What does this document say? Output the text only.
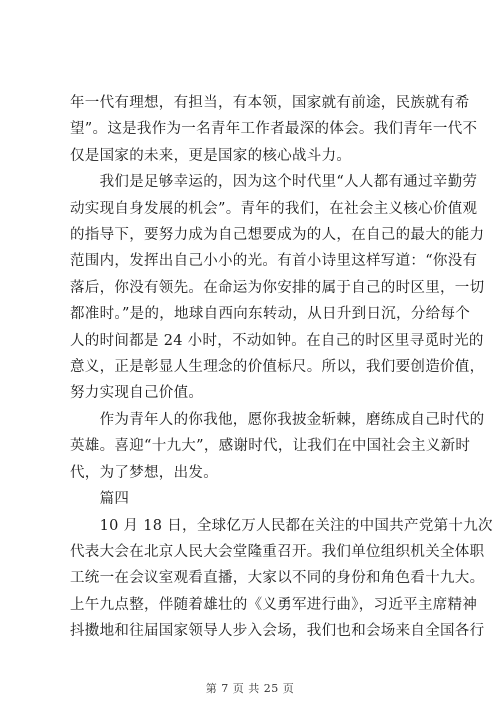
年一代有理想，有担当，有本领，国家就有前途，民族就有希
望”。这是我作为一名青年工作者最深的体会。我们青年一代不
仅是国家的未来，更是国家的核心战斗力。
　　我们是足够幸运的，因为这个时代里“人人都有通过辛勤劳
动实现自身发展的机会”。青年的我们，在社会主义核心价值观
的指导下，要努力成为自己想要成为的人，在自己的最大的能力
范围内，发挥出自己小小的光。有首小诗里这样写道：“你没有
落后，你没有领先。在命运为你安排的属于自己的时区里，一切
都准时。”是的，地球自西向东转动，从日升到日沉，分给每个
人的时间都是 24 小时，不动如钟。在自己的时区里寻觅时光的
意义，正是彰显人生理念的价值标尺。所以，我们要创造价值，
努力实现自己价值。
　　作为青年人的你我他，愿你我披金斩棘，磨练成自己时代的
英雄。喜迎“十九大”，感谢时代，让我们在中国社会主义新时
代，为了梦想，出发。
　　篇四
　　10 月 18 日，全球亿万人民都在关注的中国共产党第十九次
代表大会在北京人民大会堂隆重召开。我们单位组织机关全体职
工统一在会议室观看直播，大家以不同的身份和角色看十九大。
上午九点整，伴随着雄壮的《义勇军进行曲》，习近平主席精神
抖擞地和往届国家领导人步入会场，我们也和会场来自全国各行
第 7 页 共 25 页
